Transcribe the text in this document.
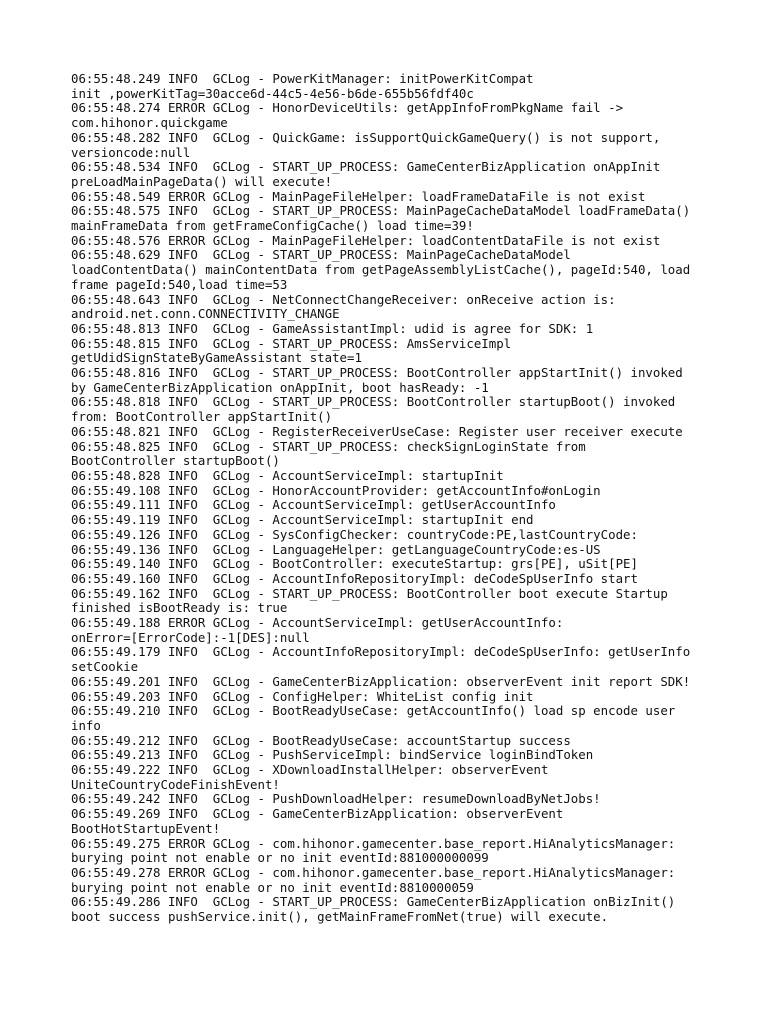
06:55:48.249 INFO  GCLog - PowerKitManager: initPowerKitCompat
init ,powerKitTag=30acce6d-44c5-4e56-b6de-655b56fdf40c
06:55:48.274 ERROR GCLog - HonorDeviceUtils: getAppInfoFromPkgName fail ->
com.hihonor.quickgame
06:55:48.282 INFO  GCLog - QuickGame: isSupportQuickGameQuery() is not support,
versioncode:null
06:55:48.534 INFO  GCLog - START_UP_PROCESS: GameCenterBizApplication onAppInit
preLoadMainPageData() will execute!
06:55:48.549 ERROR GCLog - MainPageFileHelper: loadFrameDataFile is not exist
06:55:48.575 INFO  GCLog - START_UP_PROCESS: MainPageCacheDataModel loadFrameData()
mainFrameData from getFrameConfigCache() load time=39!
06:55:48.576 ERROR GCLog - MainPageFileHelper: loadContentDataFile is not exist
06:55:48.629 INFO  GCLog - START_UP_PROCESS: MainPageCacheDataModel
loadContentData() mainContentData from getPageAssemblyListCache(), pageId:540, load
frame pageId:540,load time=53
06:55:48.643 INFO  GCLog - NetConnectChangeReceiver: onReceive action is:
android.net.conn.CONNECTIVITY_CHANGE
06:55:48.813 INFO  GCLog - GameAssistantImpl: udid is agree for SDK: 1
06:55:48.815 INFO  GCLog - START_UP_PROCESS: AmsServiceImpl
getUdidSignStateByGameAssistant state=1
06:55:48.816 INFO  GCLog - START_UP_PROCESS: BootController appStartInit() invoked
by GameCenterBizApplication onAppInit, boot hasReady: -1
06:55:48.818 INFO  GCLog - START_UP_PROCESS: BootController startupBoot() invoked
from: BootController appStartInit()
06:55:48.821 INFO  GCLog - RegisterReceiverUseCase: Register user receiver execute
06:55:48.825 INFO  GCLog - START_UP_PROCESS: checkSignLoginState from
BootController startupBoot()
06:55:48.828 INFO  GCLog - AccountServiceImpl: startupInit
06:55:49.108 INFO  GCLog - HonorAccountProvider: getAccountInfo#onLogin
06:55:49.111 INFO  GCLog - AccountServiceImpl: getUserAccountInfo
06:55:49.119 INFO  GCLog - AccountServiceImpl: startupInit end
06:55:49.126 INFO  GCLog - SysConfigChecker: countryCode:PE,lastCountryCode:
06:55:49.136 INFO  GCLog - LanguageHelper: getLanguageCountryCode:es-US
06:55:49.140 INFO  GCLog - BootController: executeStartup: grs[PE], uSit[PE]
06:55:49.160 INFO  GCLog - AccountInfoRepositoryImpl: deCodeSpUserInfo start
06:55:49.162 INFO  GCLog - START_UP_PROCESS: BootController boot execute Startup
finished isBootReady is: true
06:55:49.188 ERROR GCLog - AccountServiceImpl: getUserAccountInfo:
onError=[ErrorCode]:-1[DES]:null
06:55:49.179 INFO  GCLog - AccountInfoRepositoryImpl: deCodeSpUserInfo: getUserInfo
setCookie
06:55:49.201 INFO  GCLog - GameCenterBizApplication: observerEvent init report SDK!
06:55:49.203 INFO  GCLog - ConfigHelper: WhiteList config init
06:55:49.210 INFO  GCLog - BootReadyUseCase: getAccountInfo() load sp encode user
info
06:55:49.212 INFO  GCLog - BootReadyUseCase: accountStartup success
06:55:49.213 INFO  GCLog - PushServiceImpl: bindService loginBindToken
06:55:49.222 INFO  GCLog - XDownloadInstallHelper: observerEvent
UniteCountryCodeFinishEvent!
06:55:49.242 INFO  GCLog - PushDownloadHelper: resumeDownloadByNetJobs!
06:55:49.269 INFO  GCLog - GameCenterBizApplication: observerEvent
BootHotStartupEvent!
06:55:49.275 ERROR GCLog - com.hihonor.gamecenter.base_report.HiAnalyticsManager:
burying point not enable or no init eventId:881000000099
06:55:49.278 ERROR GCLog - com.hihonor.gamecenter.base_report.HiAnalyticsManager:
burying point not enable or no init eventId:8810000059
06:55:49.286 INFO  GCLog - START_UP_PROCESS: GameCenterBizApplication onBizInit()
boot success pushService.init(), getMainFrameFromNet(true) will execute.
